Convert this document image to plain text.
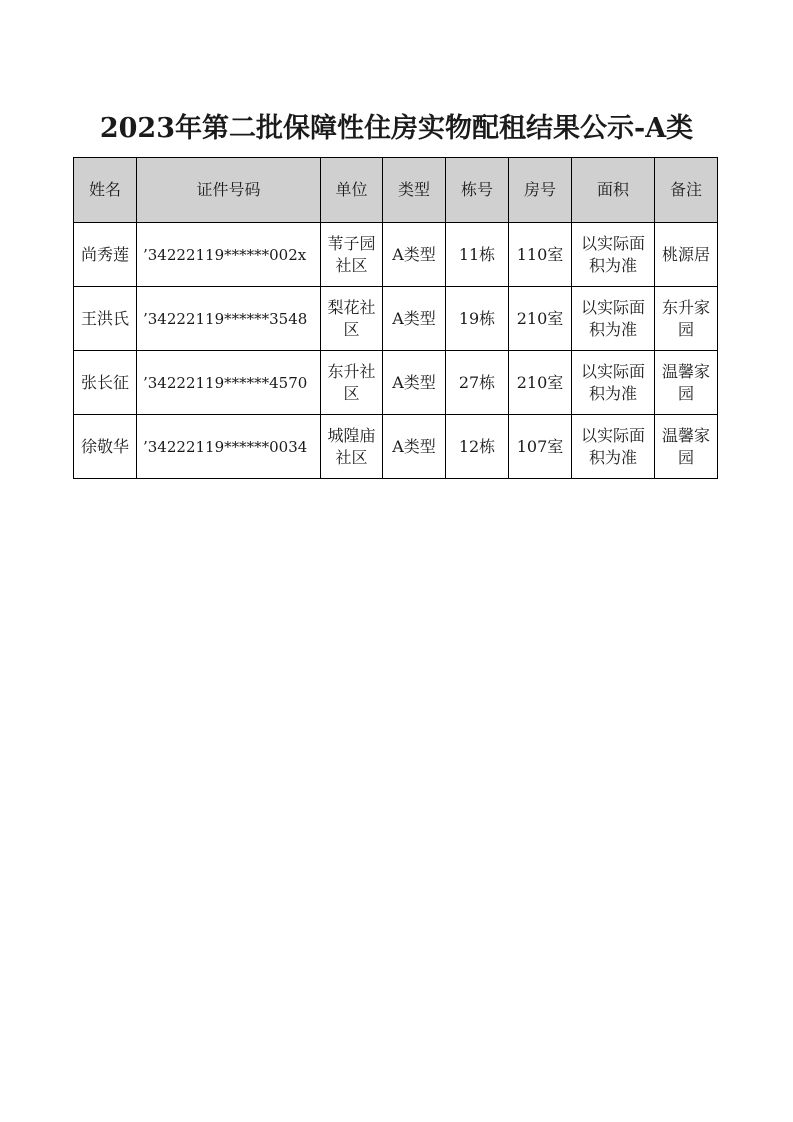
2023年第二批保障性住房实物配租结果公示-A类
姓名	证件号码	单位	类型	栋号	房号	面积	备注
尚秀莲	’34222119******002x	苇子园社区	A类型	11栋	110室	以实际面积为准	桃源居
王洪氏	’34222119******3548	梨花社区	A类型	19栋	210室	以实际面积为准	东升家园
张长征	’34222119******4570	东升社区	A类型	27栋	210室	以实际面积为准	温馨家园
徐敬华	’34222119******0034	城隍庙社区	A类型	12栋	107室	以实际面积为准	温馨家园
